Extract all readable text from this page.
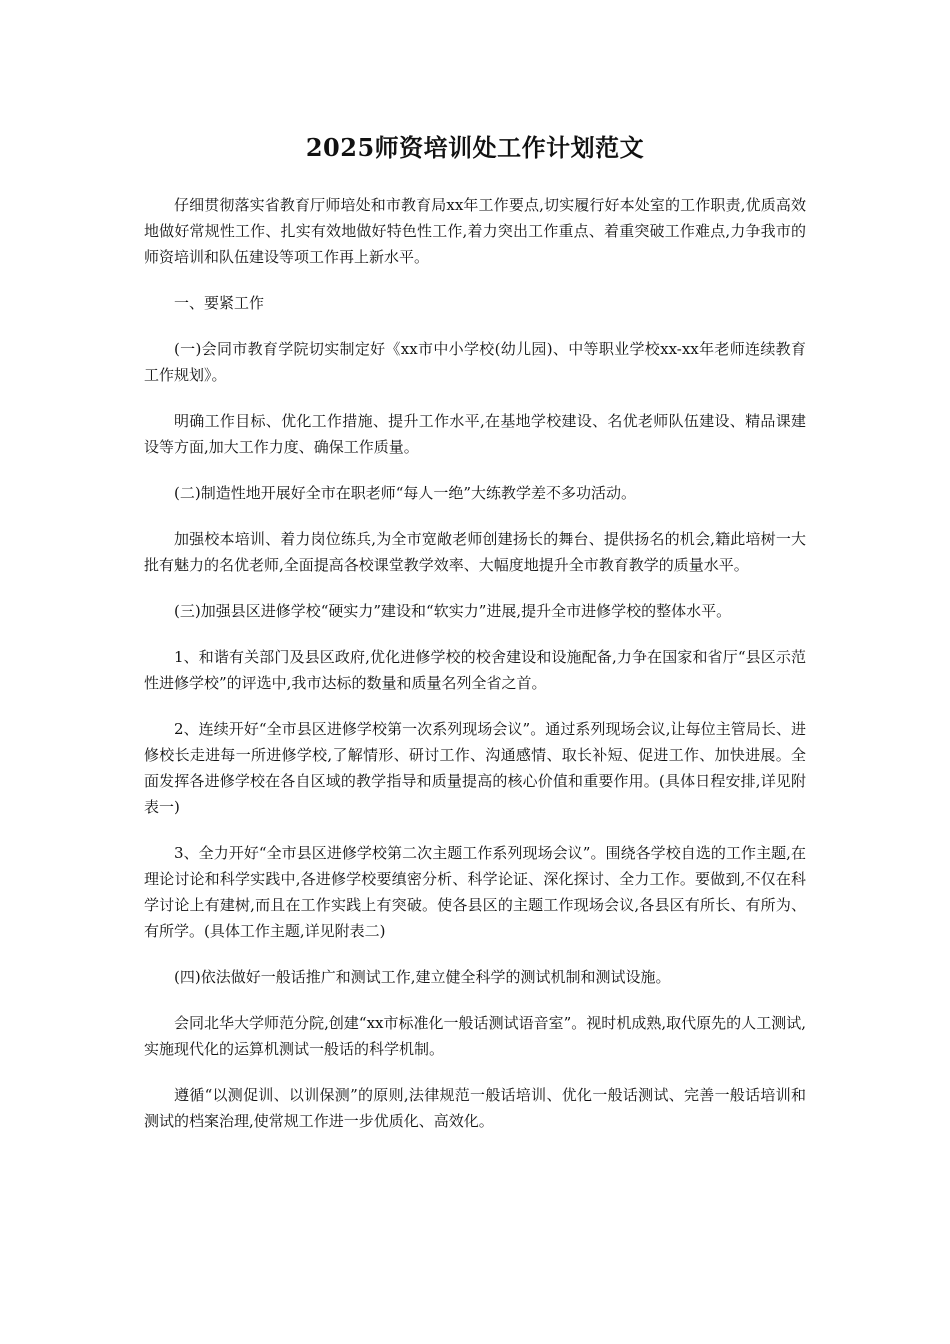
2025师资培训处工作计划范文

仔细贯彻落实省教育厅师培处和市教育局xx年工作要点,切实履行好本处室的工作职责,优质高效地做好常规性工作、扎实有效地做好特色性工作,着力突出工作重点、着重突破工作难点,力争我市的师资培训和队伍建设等项工作再上新水平。

一、要紧工作

(一)会同市教育学院切实制定好《xx市中小学校(幼儿园)、中等职业学校xx-xx年老师连续教育工作规划》。

明确工作目标、优化工作措施、提升工作水平,在基地学校建设、名优老师队伍建设、精品课建设等方面,加大工作力度、确保工作质量。

(二)制造性地开展好全市在职老师“每人一绝”大练教学差不多功活动。

加强校本培训、着力岗位练兵,为全市宽敞老师创建扬长的舞台、提供扬名的机会,籍此培树一大批有魅力的名优老师,全面提高各校课堂教学效率、大幅度地提升全市教育教学的质量水平。

(三)加强县区进修学校“硬实力”建设和“软实力”进展,提升全市进修学校的整体水平。

1、和谐有关部门及县区政府,优化进修学校的校舍建设和设施配备,力争在国家和省厅“县区示范性进修学校”的评选中,我市达标的数量和质量名列全省之首。

2、连续开好“全市县区进修学校第一次系列现场会议”。通过系列现场会议,让每位主管局长、进修校长走进每一所进修学校,了解情形、研讨工作、沟通感情、取长补短、促进工作、加快进展。全面发挥各进修学校在各自区域的教学指导和质量提高的核心价值和重要作用。(具体日程安排,详见附表一)

3、全力开好“全市县区进修学校第二次主题工作系列现场会议”。围绕各学校自选的工作主题,在理论讨论和科学实践中,各进修学校要缜密分析、科学论证、深化探讨、全力工作。要做到,不仅在科学讨论上有建树,而且在工作实践上有突破。使各县区的主题工作现场会议,各县区有所长、有所为、有所学。(具体工作主题,详见附表二)

(四)依法做好一般话推广和测试工作,建立健全科学的测试机制和测试设施。

会同北华大学师范分院,创建“xx市标准化一般话测试语音室”。视时机成熟,取代原先的人工测试,实施现代化的运算机测试一般话的科学机制。

遵循“以测促训、以训保测”的原则,法律规范一般话培训、优化一般话测试、完善一般话培训和测试的档案治理,使常规工作进一步优质化、高效化。
